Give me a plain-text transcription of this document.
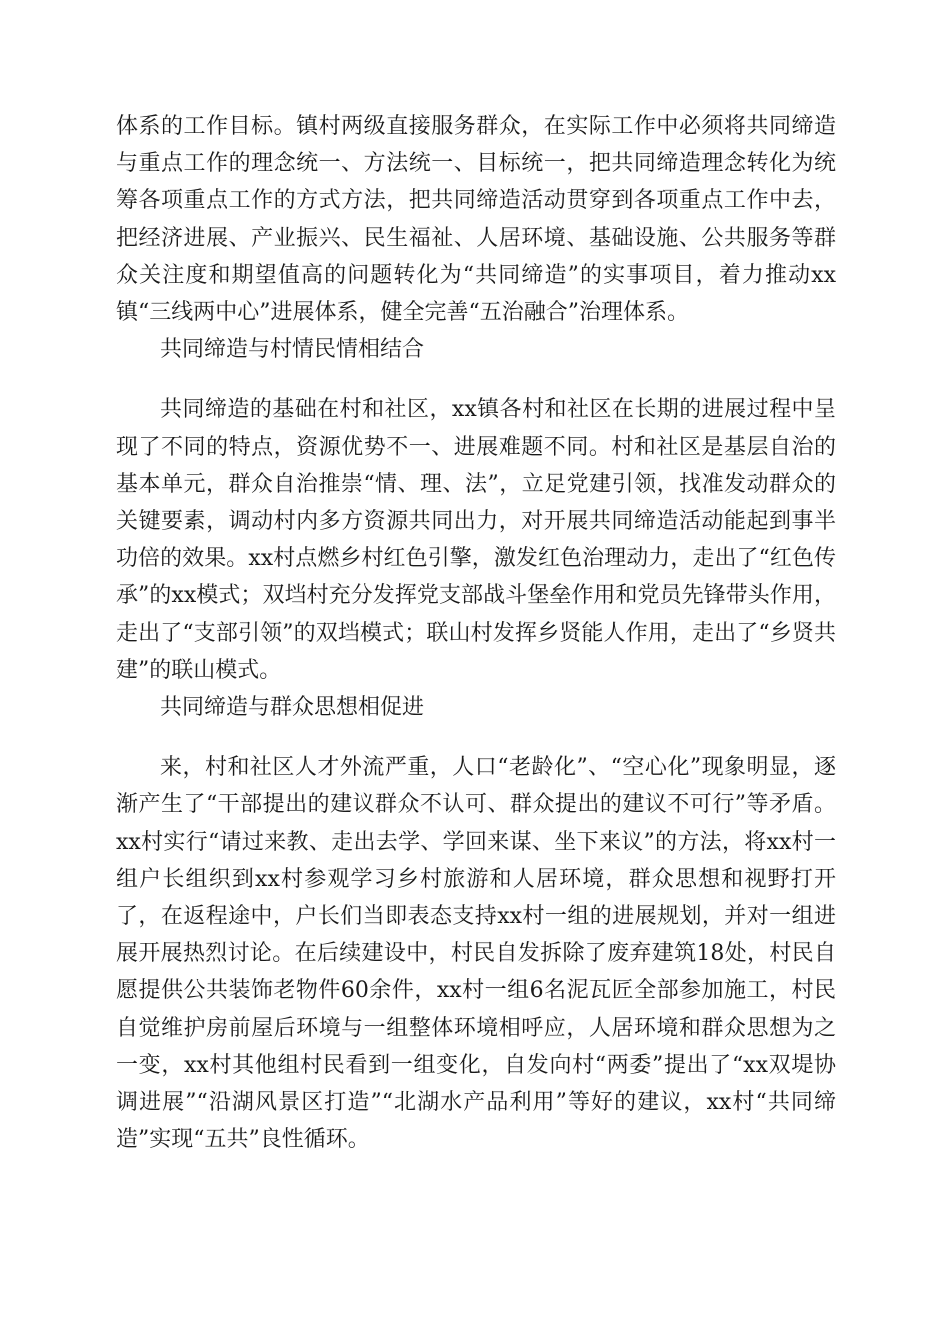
体系的工作目标。镇村两级直接服务群众，在实际工作中必须将共同缔造与重点工作的理念统一、方法统一、目标统一，把共同缔造理念转化为统筹各项重点工作的方式方法，把共同缔造活动贯穿到各项重点工作中去，把经济进展、产业振兴、民生福祉、人居环境、基础设施、公共服务等群众关注度和期望值高的问题转化为“共同缔造”的实事项目，着力推动xx镇“三线两中心”进展体系，健全完善“五治融合”治理体系。

共同缔造与村情民情相结合

共同缔造的基础在村和社区，xx镇各村和社区在长期的进展过程中呈现了不同的特点，资源优势不一、进展难题不同。村和社区是基层自治的基本单元，群众自治推崇“情、理、法”，立足党建引领，找准发动群众的关键要素，调动村内多方资源共同出力，对开展共同缔造活动能起到事半功倍的效果。xx村点燃乡村红色引擎，激发红色治理动力，走出了“红色传承”的xx模式；双垱村充分发挥党支部战斗堡垒作用和党员先锋带头作用，走出了“支部引领”的双垱模式；联山村发挥乡贤能人作用，走出了“乡贤共建”的联山模式。

共同缔造与群众思想相促进

来，村和社区人才外流严重，人口“老龄化”、“空心化”现象明显，逐渐产生了“干部提出的建议群众不认可、群众提出的建议不可行”等矛盾。xx村实行“请过来教、走出去学、学回来谋、坐下来议”的方法，将xx村一组户长组织到xx村参观学习乡村旅游和人居环境，群众思想和视野打开了，在返程途中，户长们当即表态支持xx村一组的进展规划，并对一组进展开展热烈讨论。在后续建设中，村民自发拆除了废弃建筑18处，村民自愿提供公共装饰老物件60余件，xx村一组6名泥瓦匠全部参加施工，村民自觉维护房前屋后环境与一组整体环境相呼应，人居环境和群众思想为之一变，xx村其他组村民看到一组变化，自发向村“两委”提出了“xx双堤协调进展”“沿湖风景区打造”“北湖水产品利用”等好的建议，xx村“共同缔造”实现“五共”良性循环。
